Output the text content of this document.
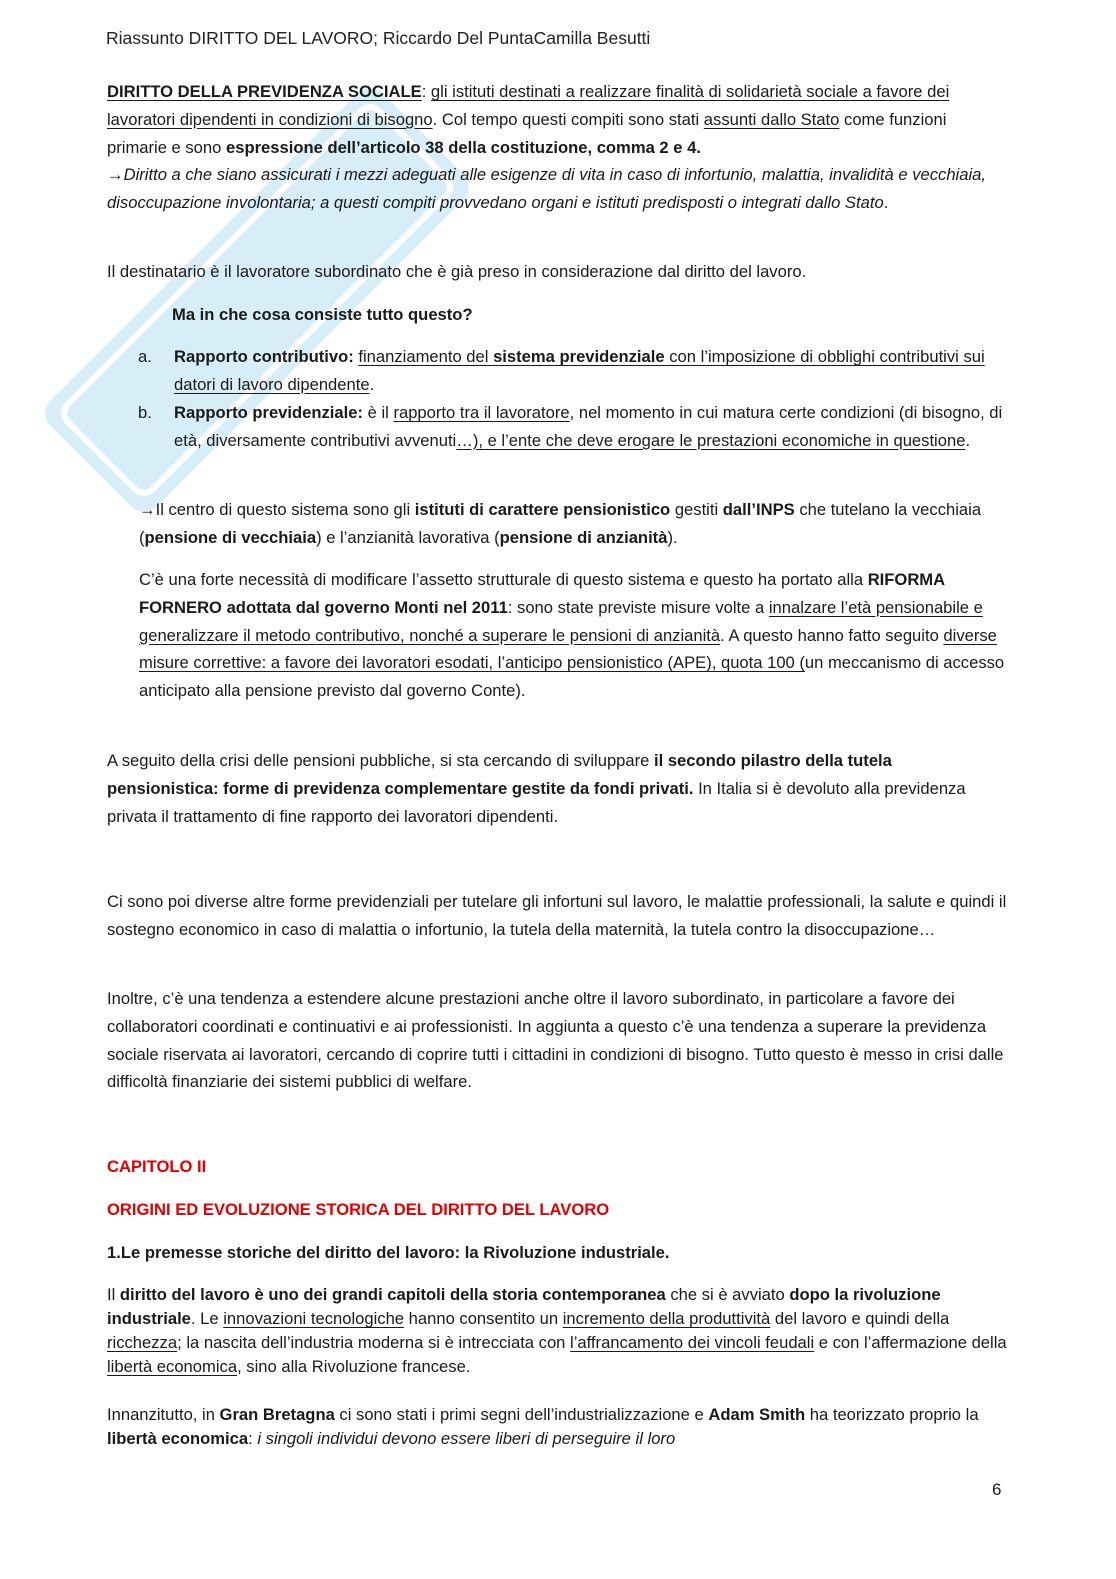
Riassunto DIRITTO DEL LAVORO; Riccardo Del PuntaCamilla Besutti
DIRITTO DELLA PREVIDENZA SOCIALE: gli istituti destinati a realizzare finalità di solidarietà sociale a favore dei lavoratori dipendenti in condizioni di bisogno. Col tempo questi compiti sono stati assunti dallo Stato come funzioni primarie e sono espressione dell’articolo 38 della costituzione, comma 2 e 4.
→Diritto a che siano assicurati i mezzi adeguati alle esigenze di vita in caso di infortunio, malattia, invalidità e vecchiaia, disoccupazione involontaria; a questi compiti provvedano organi e istituti predisposti o integrati dallo Stato.
Il destinatario è il lavoratore subordinato che è già preso in considerazione dal diritto del lavoro.
Ma in che cosa consiste tutto questo?
a. Rapporto contributivo: finanziamento del sistema previdenziale con l’imposizione di obblighi contributivi sui datori di lavoro dipendente.
b. Rapporto previdenziale: è il rapporto tra il lavoratore, nel momento in cui matura certe condizioni (di bisogno, di età, diversamente contributivi avvenuti…), e l’ente che deve erogare le prestazioni economiche in questione.
→Il centro di questo sistema sono gli istituti di carattere pensionistico gestiti dall’INPS che tutelano la vecchiaia (pensione di vecchiaia) e l’anzianità lavorativa (pensione di anzianità).
C’è una forte necessità di modificare l’assetto strutturale di questo sistema e questo ha portato alla RIFORMA FORNERO adottata dal governo Monti nel 2011: sono state previste misure volte a innalzare l’età pensionabile e generalizzare il metodo contributivo, nonché a superare le pensioni di anzianità. A questo hanno fatto seguito diverse misure correttive: a favore dei lavoratori esodati, l’anticipo pensionistico (APE), quota 100 (un meccanismo di accesso anticipato alla pensione previsto dal governo Conte).
A seguito della crisi delle pensioni pubbliche, si sta cercando di sviluppare il secondo pilastro della tutela pensionistica: forme di previdenza complementare gestite da fondi privati. In Italia si è devoluto alla previdenza privata il trattamento di fine rapporto dei lavoratori dipendenti.
Ci sono poi diverse altre forme previdenziali per tutelare gli infortuni sul lavoro, le malattie professionali, la salute e quindi il sostegno economico in caso di malattia o infortunio, la tutela della maternità, la tutela contro la disoccupazione…
Inoltre, c’è una tendenza a estendere alcune prestazioni anche oltre il lavoro subordinato, in particolare a favore dei collaboratori coordinati e continuativi e ai professionisti. In aggiunta a questo c’è una tendenza a superare la previdenza sociale riservata ai lavoratori, cercando di coprire tutti i cittadini in condizioni di bisogno. Tutto questo è messo in crisi dalle difficoltà finanziarie dei sistemi pubblici di welfare.
CAPITOLO II
ORIGINI ED EVOLUZIONE STORICA DEL DIRITTO DEL LAVORO
1.Le premesse storiche del diritto del lavoro: la Rivoluzione industriale.
Il diritto del lavoro è uno dei grandi capitoli della storia contemporanea che si è avviato dopo la rivoluzione industriale. Le innovazioni tecnologiche hanno consentito un incremento della produttività del lavoro e quindi della ricchezza; la nascita dell’industria moderna si è intrecciata con l’affrancamento dei vincoli feudali e con l’affermazione della libertà economica, sino alla Rivoluzione francese.
Innanzitutto, in Gran Bretagna ci sono stati i primi segni dell’industrializzazione e Adam Smith ha teorizzato proprio la libertà economica: i singoli individui devono essere liberi di perseguire il loro
6
